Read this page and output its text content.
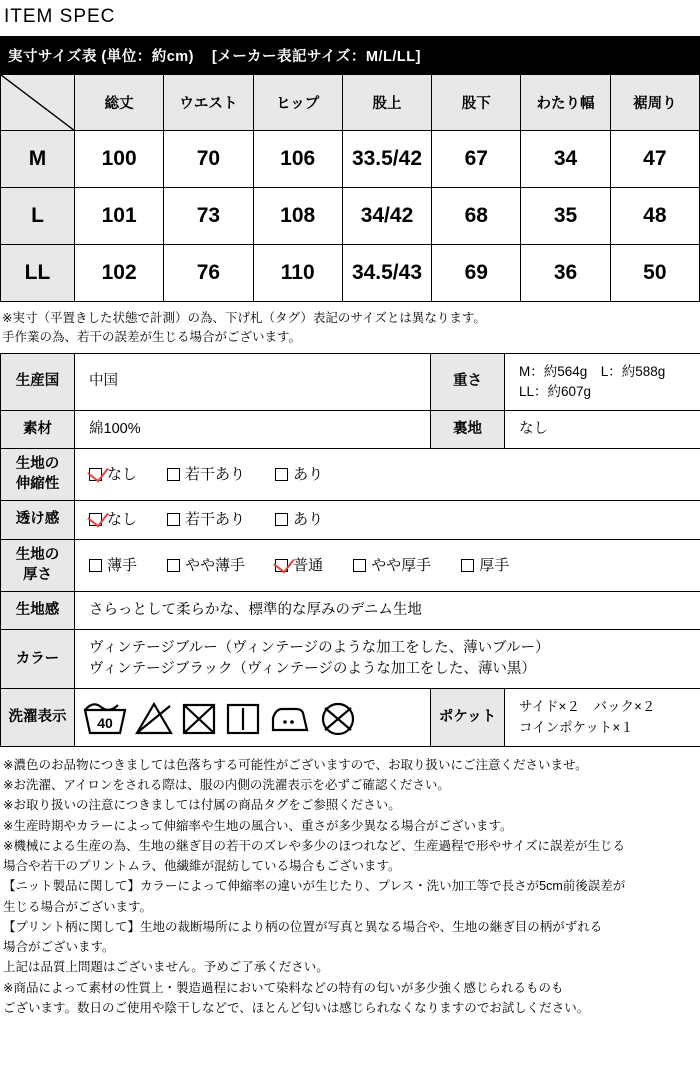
ITEM SPEC
実寸サイズ表 (単位：約cm) [メーカー表記サイズ：M/L/LL]
	総丈	ウエスト	ヒップ	股上	股下	わたり幅	裾周り
M	100	70	106	33.5/42	67	34	47
L	101	73	108	34/42	68	35	48
LL	102	76	110	34.5/43	69	36	50
※実寸（平置きした状態で計測）の為、下げ札（タグ）表記のサイズとは異なります。
手作業の為、若干の誤差が生じる場合がございます。
生産国	中国	重さ	M：約564g　L：約588g
LL：約607g

素材	綿100%	裏地	なし

生地の
伸縮性	なし 若干あり あり		
透け感	なし 若干あり あり		

生地の
厚さ	薄手 やや薄手 普通 やや厚手 厚手		
生地感	さらっとして柔らかな、標準的な厚みのデニム生地		
カラー	ヴィンテージブルー（ヴィンテージのような加工をした、薄いブルー）
ヴィンテージブラック（ヴィンテージのような加工をした、薄い黒）		

洗濯表示	40	ポケット	サイド×２　バック×２
コインポケット×１
※濃色のお品物につきましては色落ちする可能性がございますので、お取り扱いにご注意くださいませ。
※お洗濯、アイロンをされる際は、服の内側の洗濯表示を必ずご確認ください。
※お取り扱いの注意につきましては付属の商品タグをご参照ください。
※生産時期やカラーによって伸縮率や生地の風合い、重さが多少異なる場合がございます。
※機械による生産の為、生地の継ぎ目の若干のズレや多少のほつれなど、生産過程で形やサイズに誤差が生じる
場合や若干のプリントムラ、他繊維が混紡している場合もございます。
【ニット製品に関して】カラーによって伸縮率の違いが生じたり、プレス・洗い加工等で長さが5cm前後誤差が
生じる場合がございます。
【プリント柄に関して】生地の裁断場所により柄の位置が写真と異なる場合や、生地の継ぎ目の柄がずれる
場合がございます。
上記は品質上問題はございません。予めご了承ください。
※商品によって素材の性質上・製造過程において染料などの特有の匂いが多少強く感じられるものも
ございます。数日のご使用や陰干しなどで、ほとんど匂いは感じられなくなりますのでお試しください。
